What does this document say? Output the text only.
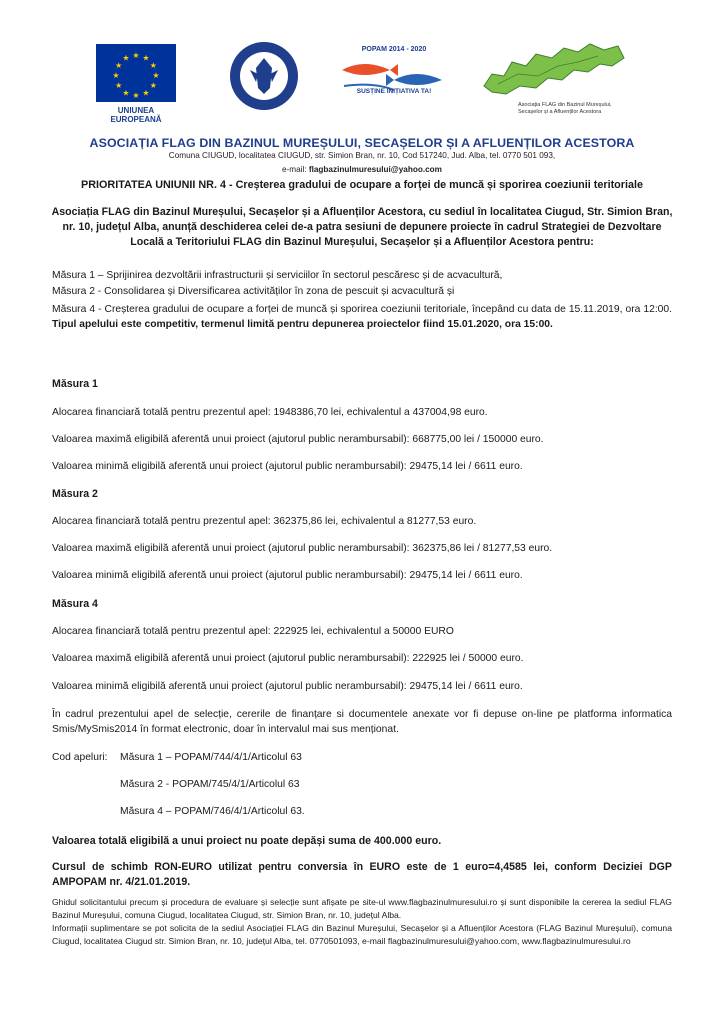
★ ★
★
★
★
★
★
★
★
★
★
★
UNIUNEA EUROPEANĂ
POPAM 2014 - 2020
SUSȚINE INIȚIATIVA TA!
Asociația FLAG din Bazinul Mureșului, Secașelor și a Afluenților Acestora
ASOCIAȚIA FLAG DIN BAZINUL MUREȘULUI, SECAȘELOR ȘI A AFLUENȚILOR ACESTORA
Comuna CIUGUD, localitatea CIUGUD, str. Simion Bran, nr. 10, Cod 517240, Jud. Alba, tel. 0770 501 093,
e-mail: flagbazinulmuresului@yahoo.com
PRIORITATEA UNIUNII NR. 4 - Creșterea gradului de ocupare a forței de muncă și sporirea coeziunii teritoriale
Asociația FLAG din Bazinul Mureșului, Secașelor și a Afluenților Acestora, cu sediul în localitatea Ciugud, Str. Simion Bran, nr. 10, județul Alba, anunță deschiderea celei de-a patra sesiuni de depunere proiecte în cadrul Strategiei de Dezvoltare Locală a Teritoriului FLAG din Bazinul Mureșului, Secașelor și a Afluenților Acestora pentru:
Măsura 1 – Sprijinirea dezvoltării infrastructurii și serviciilor în sectorul pescăresc și de acvacultură,
Măsura 2 - Consolidarea și Diversificarea activităților în zona de pescuit și acvacultură și
Măsura 4 - Creșterea gradului de ocupare a forței de muncă și sporirea coeziunii teritoriale, începând cu data de 15.11.2019, ora 12:00. Tipul apelului este competitiv, termenul limită pentru depunerea proiectelor fiind 15.01.2020, ora 15:00.
Măsura 1
Alocarea financiară totală pentru prezentul apel: 1948386,70 lei, echivalentul a 437004,98 euro.
Valoarea maximă eligibilă aferentă unui proiect (ajutorul public nerambursabil): 668775,00 lei / 150000 euro.
Valoarea minimă eligibilă aferentă unui proiect (ajutorul public nerambursabil): 29475,14 lei / 6611 euro.
Măsura 2
Alocarea financiară totală pentru prezentul apel: 362375,86 lei, echivalentul a 81277,53 euro.
Valoarea maximă eligibilă aferentă unui proiect (ajutorul public nerambursabil): 362375,86 lei / 81277,53 euro.
Valoarea minimă eligibilă aferentă unui proiect (ajutorul public nerambursabil): 29475,14 lei / 6611 euro.
Măsura 4
Alocarea financiară totală pentru prezentul apel: 222925 lei, echivalentul a 50000 EURO
Valoarea maximă eligibilă aferentă unui proiect (ajutorul public nerambursabil): 222925 lei / 50000 euro.
Valoarea minimă eligibilă aferentă unui proiect (ajutorul public nerambursabil): 29475,14 lei / 6611 euro.
În cadrul prezentului apel de selecție, cererile de finanțare si documentele anexate vor fi depuse on-line pe platforma informatica Smis/MySmis2014 în format electronic, doar în intervalul mai sus menționat.
Cod apeluri: Măsura 1 – POPAM/744/4/1/Articolul 63
Măsura 2 - POPAM/745/4/1/Articolul 63
Măsura 4 – POPAM/746/4/1/Articolul 63.
Valoarea totală eligibilă a unui proiect nu poate depăși suma de 400.000 euro.
Cursul de schimb RON-EURO utilizat pentru conversia în EURO este de 1 euro=4,4585 lei, conform Deciziei DGP AMPOPAM nr. 4/21.01.2019.
Ghidul solicitantului precum și procedura de evaluare și selecție sunt afișate pe site-ul www.flagbazinulmuresului.ro și sunt disponibile la cererea la sediul FLAG Bazinul Mureșului, comuna Ciugud, localitatea Ciugud, str. Simion Bran, nr. 10, județul Alba.
Informații suplimentare se pot solicita de la sediul Asociației FLAG din Bazinul Mureșului, Secașelor și a Afluenților Acestora (FLAG Bazinul Mureșului), comuna Ciugud, localitatea Ciugud str. Simion Bran, nr. 10, județul Alba, tel. 0770501093, e-mail flagbazinulmuresului@yahoo.com, www.flagbazinulmuresului.ro
